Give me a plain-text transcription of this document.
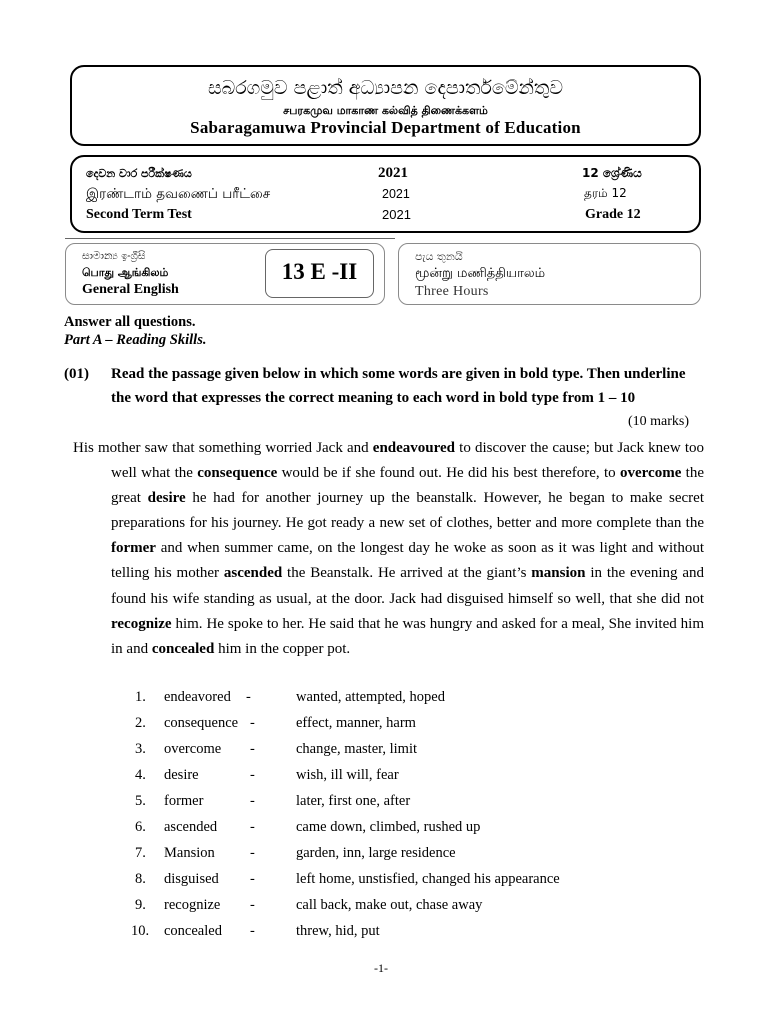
සබරගමුව පළාත් අධ්‍යාපන දෙපාර්තමේන්තුව
சபரகமுவ மாகாண கல்வித் திணைக்களம்
Sabaragamuwa Provincial Department of Education
දෙවන වාර පරීක්ෂණය
இரண்டாம் தவணைப் பரீட்சை
Second Term Test
2021
2021
2021
12 ශ්‍රේණිය
தரம் 12
Grade 12
සාමාන්‍ය ඉංග්‍රීසි
பொது ஆங்கிலம்
General English
13 E -II
පැය තුනයි
மூன்று மணித்தியாலம்
Three Hours
Answer all questions.
Part A – Reading Skills.
(01) Read the passage given below in which some words are given in bold type. Then underline
the word that expresses the correct meaning to each word in bold type from 1 – 10
(10 marks)
His mother saw that something worried Jack and endeavoured to discover the cause; but Jack knew too well what the consequence would be if she found out. He did his best therefore, to overcome the great desire he had for another journey up the beanstalk. However, he began to make secret preparations for his journey. He got ready a new set of clothes, better and more complete than the former and when summer came, on the longest day he woke as soon as it was light and without telling his mother ascended the Beanstalk. He arrived at the giant’s mansion in the evening and found his wife standing as usual, at the door. Jack had disguised himself so well, that she did not recognize him. He spoke to her. He said that he was hungry and asked for a meal, She invited him in and concealed him in the copper pot.
1. endeavored -	wanted, attempted, hoped
2. consequence -	effect, manner, harm
3. overcome -	change, master, limit
4. desire	-	wish, ill will, fear
5. former	-	later, first one, after
6. ascended -	came down, climbed, rushed up
7. Mansion -	garden, inn, large residence
8. disguised -	left home, unstisfied, changed his appearance
9. recognize -	call back, make out, chase away
10. concealed -	threw, hid, put
-1-
